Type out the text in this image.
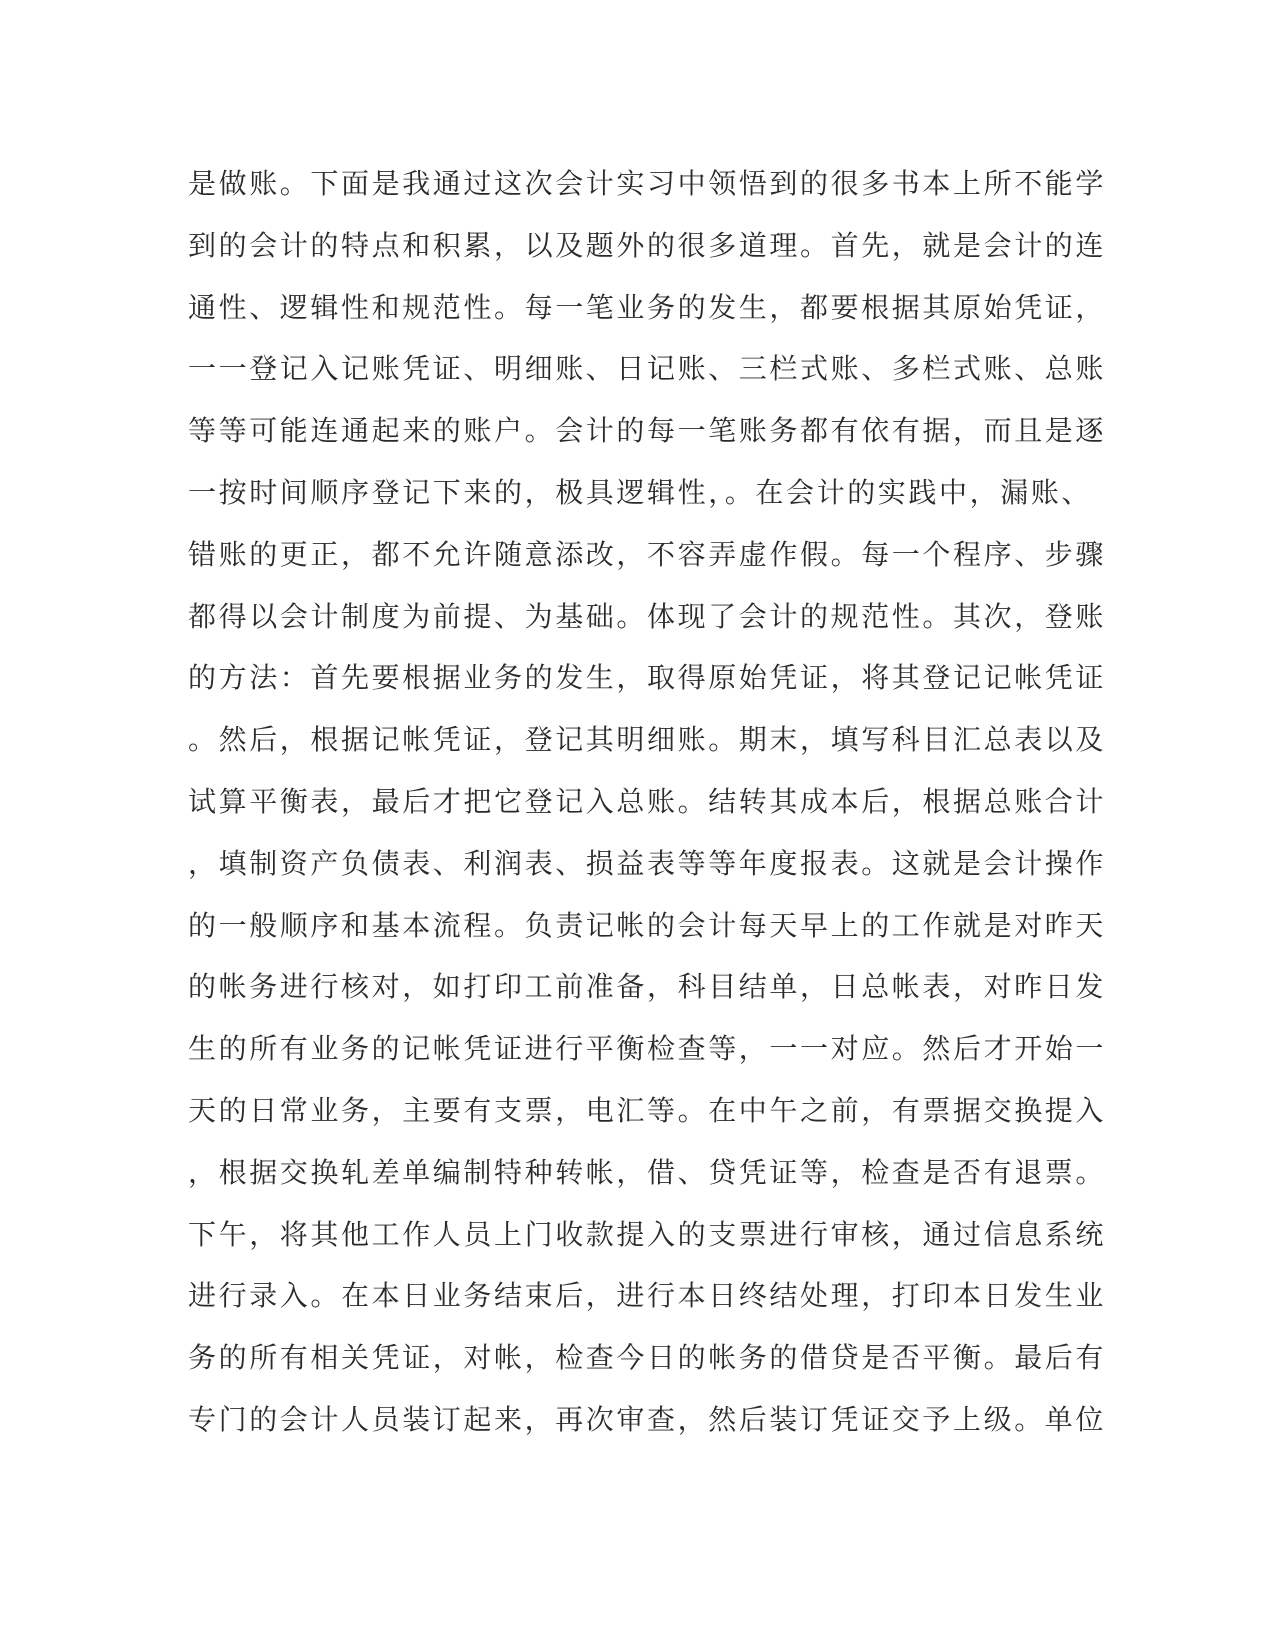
是做账。下面是我通过这次会计实习中领悟到的很多书本上所不能学
到的会计的特点和积累，以及题外的很多道理。首先，就是会计的连
通性、逻辑性和规范性。每一笔业务的发生，都要根据其原始凭证，
一一登记入记账凭证、明细账、日记账、三栏式账、多栏式账、总账
等等可能连通起来的账户。会计的每一笔账务都有依有据，而且是逐
一按时间顺序登记下来的，极具逻辑性，。在会计的实践中，漏账、
错账的更正，都不允许随意添改，不容弄虚作假。每一个程序、步骤
都得以会计制度为前提、为基础。体现了会计的规范性。其次，登账
的方法：首先要根据业务的发生，取得原始凭证，将其登记记帐凭证
。然后，根据记帐凭证，登记其明细账。期末，填写科目汇总表以及
试算平衡表，最后才把它登记入总账。结转其成本后，根据总账合计
，填制资产负债表、利润表、损益表等等年度报表。这就是会计操作
的一般顺序和基本流程。负责记帐的会计每天早上的工作就是对昨天
的帐务进行核对，如打印工前准备，科目结单，日总帐表，对昨日发
生的所有业务的记帐凭证进行平衡检查等，一一对应。然后才开始一
天的日常业务，主要有支票，电汇等。在中午之前，有票据交换提入
，根据交换轧差单编制特种转帐，借、贷凭证等，检查是否有退票。
下午，将其他工作人员上门收款提入的支票进行审核，通过信息系统
进行录入。在本日业务结束后，进行本日终结处理，打印本日发生业
务的所有相关凭证，对帐，检查今日的帐务的借贷是否平衡。最后有
专门的会计人员装订起来，再次审查，然后装订凭证交予上级。单位
